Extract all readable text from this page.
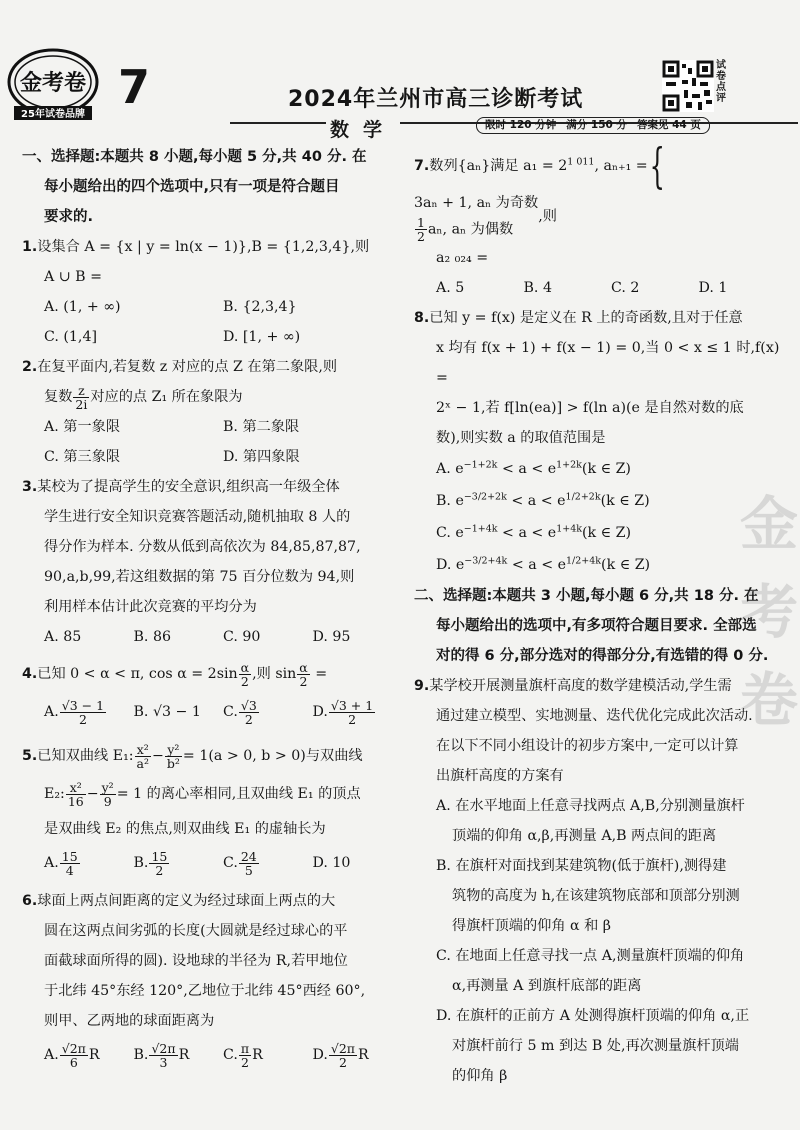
金考卷
25年试卷品牌
7	2024年兰州市高三诊断考试
试卷点评
数学	限时 120 分钟 满分 150 分 答案见 44 页
一、选择题:本题共 8 小题,每小题 5 分,共 40 分. 在
每小题给出的四个选项中,只有一项是符合题目
要求的.
1.设集合 A = {x | y = ln(x − 1)},B = {1,2,3,4},则
A ∪ B =
A. (1, + ∞)	B. {2,3,4}
C. (1,4]	D. [1, + ∞)
2.在复平面内,若复数 z 对应的点 Z 在第二象限,则
复数 $\frac{z}{2i}$ 对应的点 Z₁ 所在象限为
A. 第一象限	B. 第二象限
C. 第三象限	D. 第四象限
3.某校为了提高学生的安全意识,组织高一年级全体
学生进行安全知识竞赛答题活动,随机抽取 8 人的
得分作为样本. 分数从低到高依次为 84,85,87,87,
90,a,b,99,若这组数据的第 75 百分位数为 94,则
利用样本估计此次竞赛的平均分为
A. 85	B. 86	C. 90	D. 95
4.已知 0 < α < π, $\cos \alpha = 2\sin \frac{\alpha}{2}$ ,则 $\sin \frac{\alpha}{2}$ =
A. $\frac{√3 - 1}{2} B$. √3 − 1	C. $\frac{√3}{2}$	D. $\frac{√3 + 1}{2}$
5.已知双曲线 E₁: $\frac{\text{x²}}{\text{a²}} - \frac{\text{y²}}{\text{b²}} = 1(a > 0$, b > 0)与双曲线
E₂: $\frac{\text{x²}}{16} - \frac{\text{y²}}{9} = 1$ 的离心率相同,且双曲线 E₁ 的顶点
是双曲线 E₂ 的焦点,则双曲线 E₁ 的虚轴长为
A. $\frac{15}{4}$	B. $\frac{15}{2}$	C. $\frac{24}{5}$	D. 10
6.球面上两点间距离的定义为经过球面上两点的大
圆在这两点间劣弧的长度(大圆就是经过球心的平
面截球面所得的圆). 设地球的半径为 R,若甲地位
于北纬 45°东经 120°,乙地位于北纬 45°西经 60°,
则甲、乙两地的球面距离为
A. $\frac{√2\pi}{6}$ R	B. $\frac{√2\pi}{3}$ R	C. $\frac{\pi}{2}$ R	D. $\frac{√2\pi}{2}$ R
7.数列{aₙ}满足 $a_1 = 2^{1 011}$, aₙ₊₁ ={
3aₙ + 1, aₙ 为奇数
$\frac{1}{2} a_n$, aₙ 为偶数
,则
a₂ ₀₂₄ =
A. 5	B. 4	C. 2	D. 1
8.已知 y = f(x) 是定义在 R 上的奇函数,且对于任意
x 均有 f(x + 1) + f(x − 1) = 0,当 0 < x ≤ 1 时,f(x) =
2ˣ − 1,若 f[ln(ea)] > f(ln a)(e 是自然对数的底
数),则实数 a 的取值范围是
A. $e^{-1+2k} < a < e^{1+2k}(k$ ∈ Z)
B. $e^{-3/2+2k} < a < e^{1/2+2k}(k$ ∈ Z)
C. $e^{-1+4k} < a < e^{1+4k}(k$ ∈ Z)
D. $e^{-3/2+4k} < a < e^{1/2+4k}(k$ ∈ Z)
二、选择题:本题共 3 小题,每小题 6 分,共 18 分. 在
每小题给出的选项中,有多项符合题目要求. 全部选
对的得 6 分,部分选对的得部分分,有选错的得 0 分.
9.某学校开展测量旗杆高度的数学建模活动,学生需
通过建立模型、实地测量、迭代优化完成此次活动.
在以下不同小组设计的初步方案中,一定可以计算
出旗杆高度的方案有
A. 在水平地面上任意寻找两点 A,B,分别测量旗杆
顶端的仰角 α,β,再测量 A,B 两点间的距离
B. 在旗杆对面找到某建筑物(低于旗杆),测得建
筑物的高度为 h,在该建筑物底部和顶部分别测
得旗杆顶端的仰角 α 和 β
C. 在地面上任意寻找一点 A,测量旗杆顶端的仰角
α,再测量 A 到旗杆底部的距离
D. 在旗杆的正前方 A 处测得旗杆顶端的仰角 α,正
对旗杆前行 5 m 到达 B 处,再次测量旗杆顶端
的仰角 β
金考卷
